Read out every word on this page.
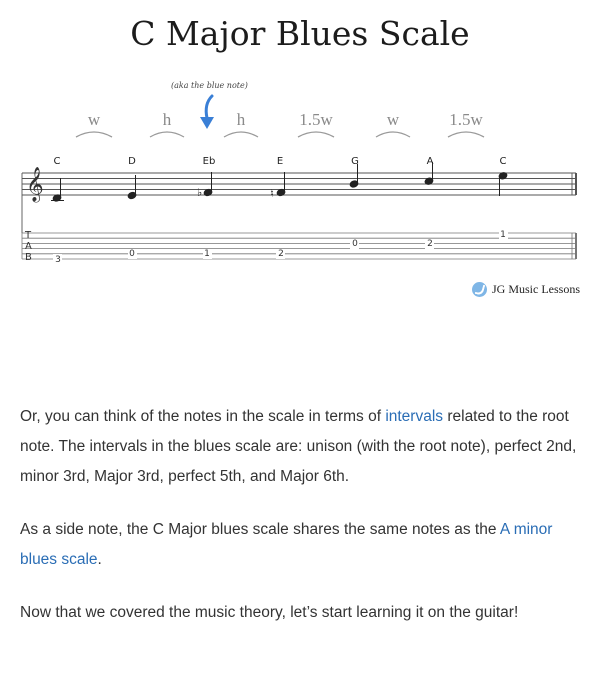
C Major Blues Scale
(aka the blue note)
w	h	h	1.5w	w	1.5w
𝄞
T
A
B
C	D	Eb	E	G	A	C
♭	♮
3
0	1	2
0	2
1
JG Music Lessons

Or, you can think of the notes in the scale in terms of intervals related to the root note. The intervals in the blues scale are: unison (with the root note), perfect 2nd, minor 3rd, Major 3rd, perfect 5th, and Major 6th.

As a side note, the C Major blues scale shares the same notes as the A minor blues scale.

Now that we covered the music theory, let’s start learning it on the guitar!
